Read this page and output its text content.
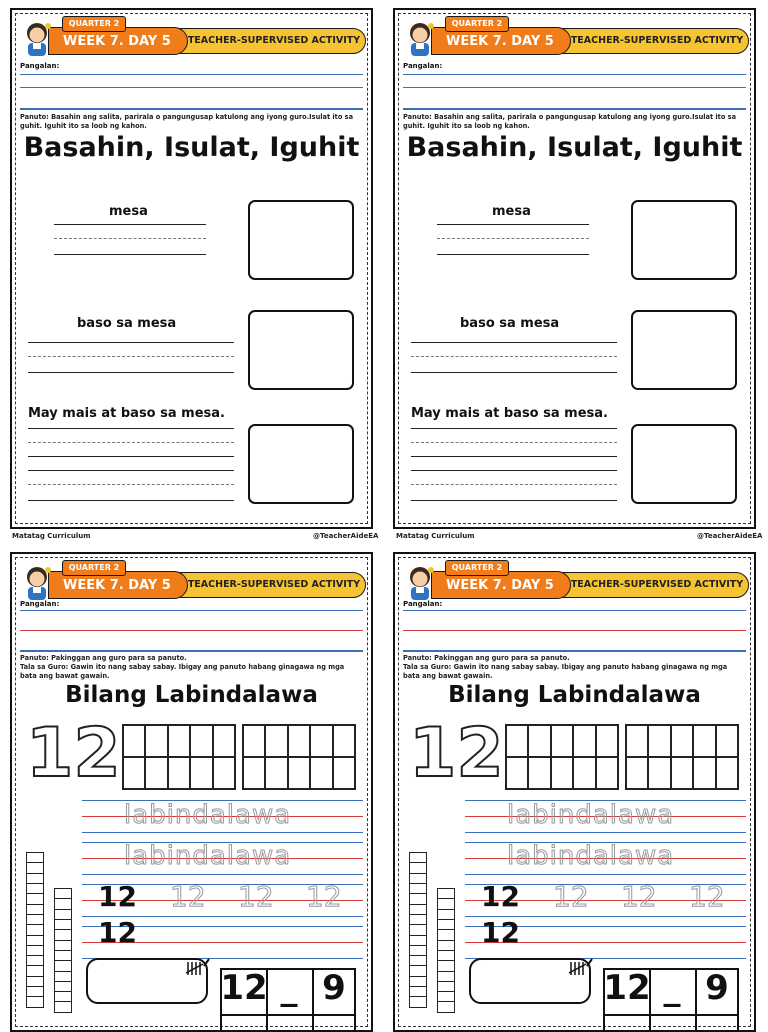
WEEK 7. DAY 5
QUARTER 2
TEACHER-SUPERVISED ACTIVITY
Pangalan:
Panuto: Basahin ang salita, parirala o pangungusap katulong ang iyong guro.Isulat ito sa guhit. Iguhit ito sa loob ng kahon.
Basahin, Isulat, Iguhit
mesa
baso sa mesa
May mais at baso sa mesa.
WEEK 7. DAY 5
QUARTER 2
TEACHER-SUPERVISED ACTIVITY
Pangalan:
Panuto: Basahin ang salita, parirala o pangungusap katulong ang iyong guro.Isulat ito sa guhit. Iguhit ito sa loob ng kahon.
Basahin, Isulat, Iguhit
mesa
baso sa mesa
May mais at baso sa mesa.
Matatag Curriculum	@TeacherAideEA	Matatag Curriculum	@TeacherAideEA
WEEK 7. DAY 5
QUARTER 2
TEACHER-SUPERVISED ACTIVITY
Pangalan:
Panuto: Pakinggan ang guro para sa panuto.
Tala sa Guro: Gawin ito nang sabay sabay. Ibigay ang panuto habang ginagawa ng mga bata ang bawat gawain.
Bilang Labindalawa
12
labindalawa
labindalawa
12 12 12 12
12
12 _ 9
WEEK 7. DAY 5
QUARTER 2
TEACHER-SUPERVISED ACTIVITY
Pangalan:
Panuto: Pakinggan ang guro para sa panuto.
Tala sa Guro: Gawin ito nang sabay sabay. Ibigay ang panuto habang ginagawa ng mga bata ang bawat gawain.
Bilang Labindalawa
12
labindalawa
labindalawa
12 12 12 12
12
12 _ 9
